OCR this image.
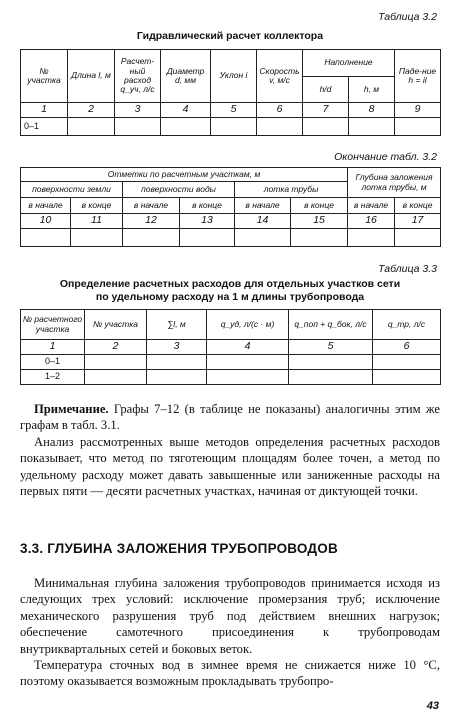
Таблица 3.2
Гидравлический расчет коллектора
№ участка	Длина l, м	Расчет-ный расход q_уч, л/с	Диаметр d, мм	Уклон i	Скорость v, м/с	Наполнение		Паде-ние h = il
						h/d	h, м	
1	2	3	4	5	6	7	8	9
0–1								
Окончание табл. 3.2
Отметки по расчетным участкам, м						Глубина заложения лотка трубы, м	
поверхности земли		поверхности воды		лотка трубы			
в начале	в конце	в начале	в конце	в начале	в конце	в начале	в конце
10	11	12	13	14	15	16	17

Таблица 3.3
Определение расчетных расходов для отдельных участков сети
по удельному расходу на 1 м длины трубопровода
№ расчетного участка	№ участка	∑l, м	q_уд, л/(с · м)	q_поп + q_бок, л/с	q_тр, л/с
1	2	3	4	5	6
0–1					
1–2					
Примечание. Графы 7–12 (в таблице не показаны) аналогичны этим же графам в табл. 3.1.
Анализ рассмотренных выше методов определения расчетных расходов показывает, что метод по тяготеющим площадям более точен, а метод по удельному расходу может давать завышенные или заниженные расходы на первых пяти — десяти расчетных участках, начиная от диктующей точки.
3.3. ГЛУБИНА ЗАЛОЖЕНИЯ ТРУБОПРОВОДОВ
Минимальная глубина заложения трубопроводов принимается исходя из следующих трех условий: исключение промерзания труб; исключение механического разрушения труб под действием внешних нагрузок; обеспечение самотечного присоединения к трубопроводам внутриквартальных сетей и боковых веток.
Температура сточных вод в зимнее время не снижается ниже 10 °С, поэтому оказывается возможным прокладывать трубопро-
43
